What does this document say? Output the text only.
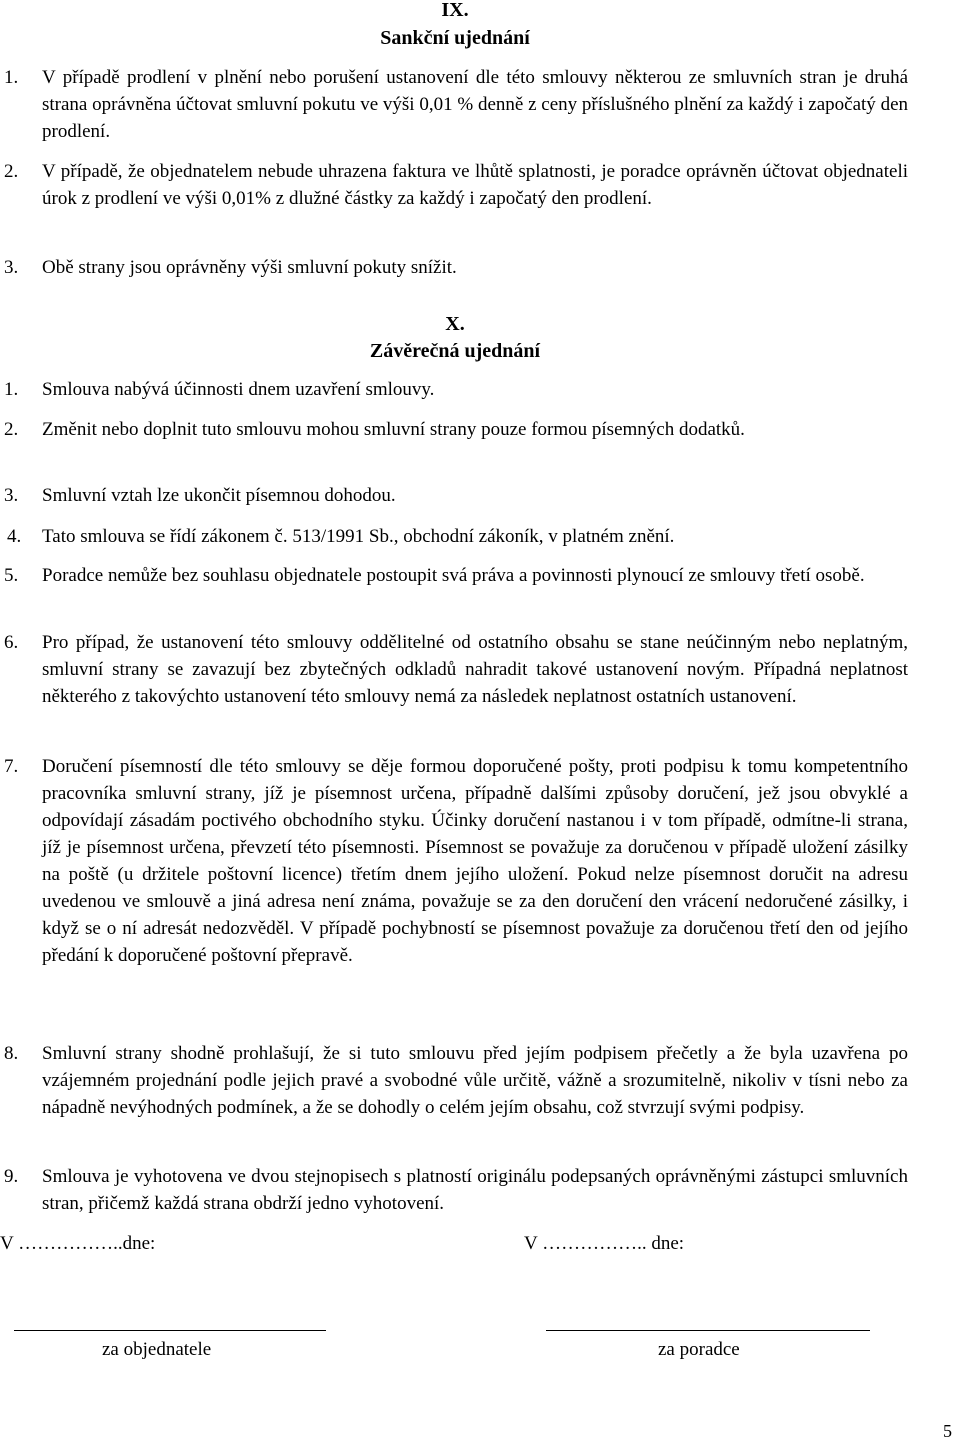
IX.
Sankční ujednání
1. V případě prodlení v plnění nebo porušení ustanovení dle této smlouvy některou ze smluvních stran je druhá strana oprávněna účtovat smluvní pokutu ve výši 0,01 % denně z ceny příslušného plnění za každý i započatý den prodlení.
2. V případě, že objednatelem nebude uhrazena faktura ve lhůtě splatnosti, je poradce oprávněn účtovat objednateli úrok z prodlení ve výši 0,01% z dlužné částky za každý i započatý den prodlení.
3. Obě strany jsou oprávněny výši smluvní pokuty snížit.
X.
Závěrečná ujednání
1. Smlouva nabývá účinnosti dnem uzavření smlouvy.
2. Změnit nebo doplnit tuto smlouvu mohou smluvní strany pouze formou písemných dodatků.
3. Smluvní vztah lze ukončit písemnou dohodou.
4. Tato smlouva se řídí zákonem č. 513/1991 Sb., obchodní zákoník, v platném znění.
5. Poradce nemůže bez souhlasu objednatele postoupit svá práva a povinnosti plynoucí ze smlouvy třetí osobě.
6. Pro případ, že ustanovení této smlouvy oddělitelné od ostatního obsahu se stane neúčinným nebo neplatným, smluvní strany se zavazují bez zbytečných odkladů nahradit takové ustanovení novým. Případná neplatnost některého z takovýchto ustanovení této smlouvy nemá za následek neplatnost ostatních ustanovení.
7. Doručení písemností dle této smlouvy se děje formou doporučené pošty, proti podpisu k tomu kompetentního pracovníka smluvní strany, jíž je písemnost určena, případně dalšími způsoby doručení, jež jsou obvyklé a odpovídají zásadám poctivého obchodního styku. Účinky doručení nastanou i v tom případě, odmítne-li strana, jíž je písemnost určena, převzetí této písemnosti. Písemnost se považuje za doručenou v případě uložení zásilky na poště (u držitele poštovní licence) třetím dnem jejího uložení. Pokud nelze písemnost doručit na adresu uvedenou ve smlouvě a jiná adresa není známa, považuje se za den doručení den vrácení nedoručené zásilky, i když se o ní adresát nedozvěděl. V případě pochybností se písemnost považuje za doručenou třetí den od jejího předání k doporučené poštovní přepravě.
8. Smluvní strany shodně prohlašují, že si tuto smlouvu před jejím podpisem přečetly a že byla uzavřena po vzájemném projednání podle jejich pravé a svobodné vůle určitě, vážně a srozumitelně, nikoliv v tísni nebo za nápadně nevýhodných podmínek, a že se dohodly o celém jejím obsahu, což stvrzují svými podpisy.
9. Smlouva je vyhotovena ve dvou stejnopisech s platností originálu podepsaných oprávněnými zástupci smluvních stran, přičemž každá strana obdrží jedno vyhotovení.
V ……………..dne:	V …………….. dne:
za objednatele	za poradce
5
